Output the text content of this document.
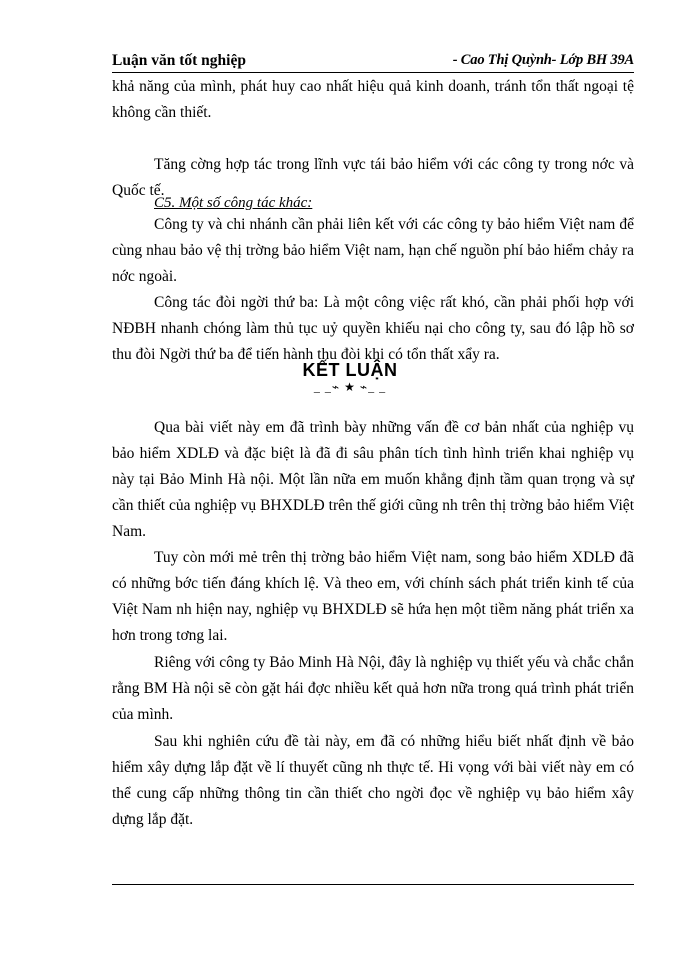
Luận văn tốt nghiệp	- Cao Thị Quỳnh- Lớp BH 39A

khả năng của mình, phát huy cao nhất hiệu quả kinh doanh, tránh tổn thất ngoại tệ không cần thiết.

Tăng cờng hợp tác trong lĩnh vực tái bảo hiểm với các công ty trong nớc và Quốc tế.

C5. Một số công tác khác:

Công ty và chi nhánh cần phải liên kết với các công ty bảo hiểm Việt nam để cùng nhau bảo vệ thị trờng bảo hiểm Việt nam, hạn chế nguồn phí bảo hiểm chảy ra nớc ngoài.

Công tác đòi ngời thứ ba: Là một công việc rất khó, cần phải phối hợp với NĐBH nhanh chóng làm thủ tục uỷ quyền khiếu nại cho công ty, sau đó lập hồ sơ thu đòi Ngời thứ ba để tiến hành thu đòi khi có tổn thất xẩy ra.

KẾT LUẬN
_ _⌁ ★ ⌁_ _

Qua bài viết này em đã trình bày những vấn đề cơ bản nhất của nghiệp vụ bảo hiểm XDLĐ và đặc biệt là đã đi sâu phân tích tình hình triển khai nghiệp vụ này tại Bảo Minh Hà nội. Một lần nữa em muốn khẳng định tầm quan trọng và sự cần thiết của nghiệp vụ BHXDLĐ trên thế giới cũng nh trên thị trờng bảo hiểm Việt Nam.

Tuy còn mới mẻ trên thị trờng bảo hiểm Việt nam, song bảo hiểm XDLĐ đã có những bớc tiến đáng khích lệ. Và theo em, với chính sách phát triển kinh tế của Việt Nam nh hiện nay, nghiệp vụ BHXDLĐ sẽ hứa hẹn một tiềm năng phát triển xa hơn trong tơng lai.

Riêng với công ty Bảo Minh Hà Nội, đây là nghiệp vụ thiết yếu và chắc chắn rằng BM Hà nội sẽ còn gặt hái đợc nhiều kết quả hơn nữa trong quá trình phát triển của mình.

Sau khi nghiên cứu đề tài này, em đã có những hiểu biết nhất định về bảo hiểm xây dựng lắp đặt về lí thuyết cũng nh thực tế. Hi vọng với bài viết này em có thể cung cấp những thông tin cần thiết cho ngời đọc về nghiệp vụ bảo hiểm xây dựng lắp đặt.
